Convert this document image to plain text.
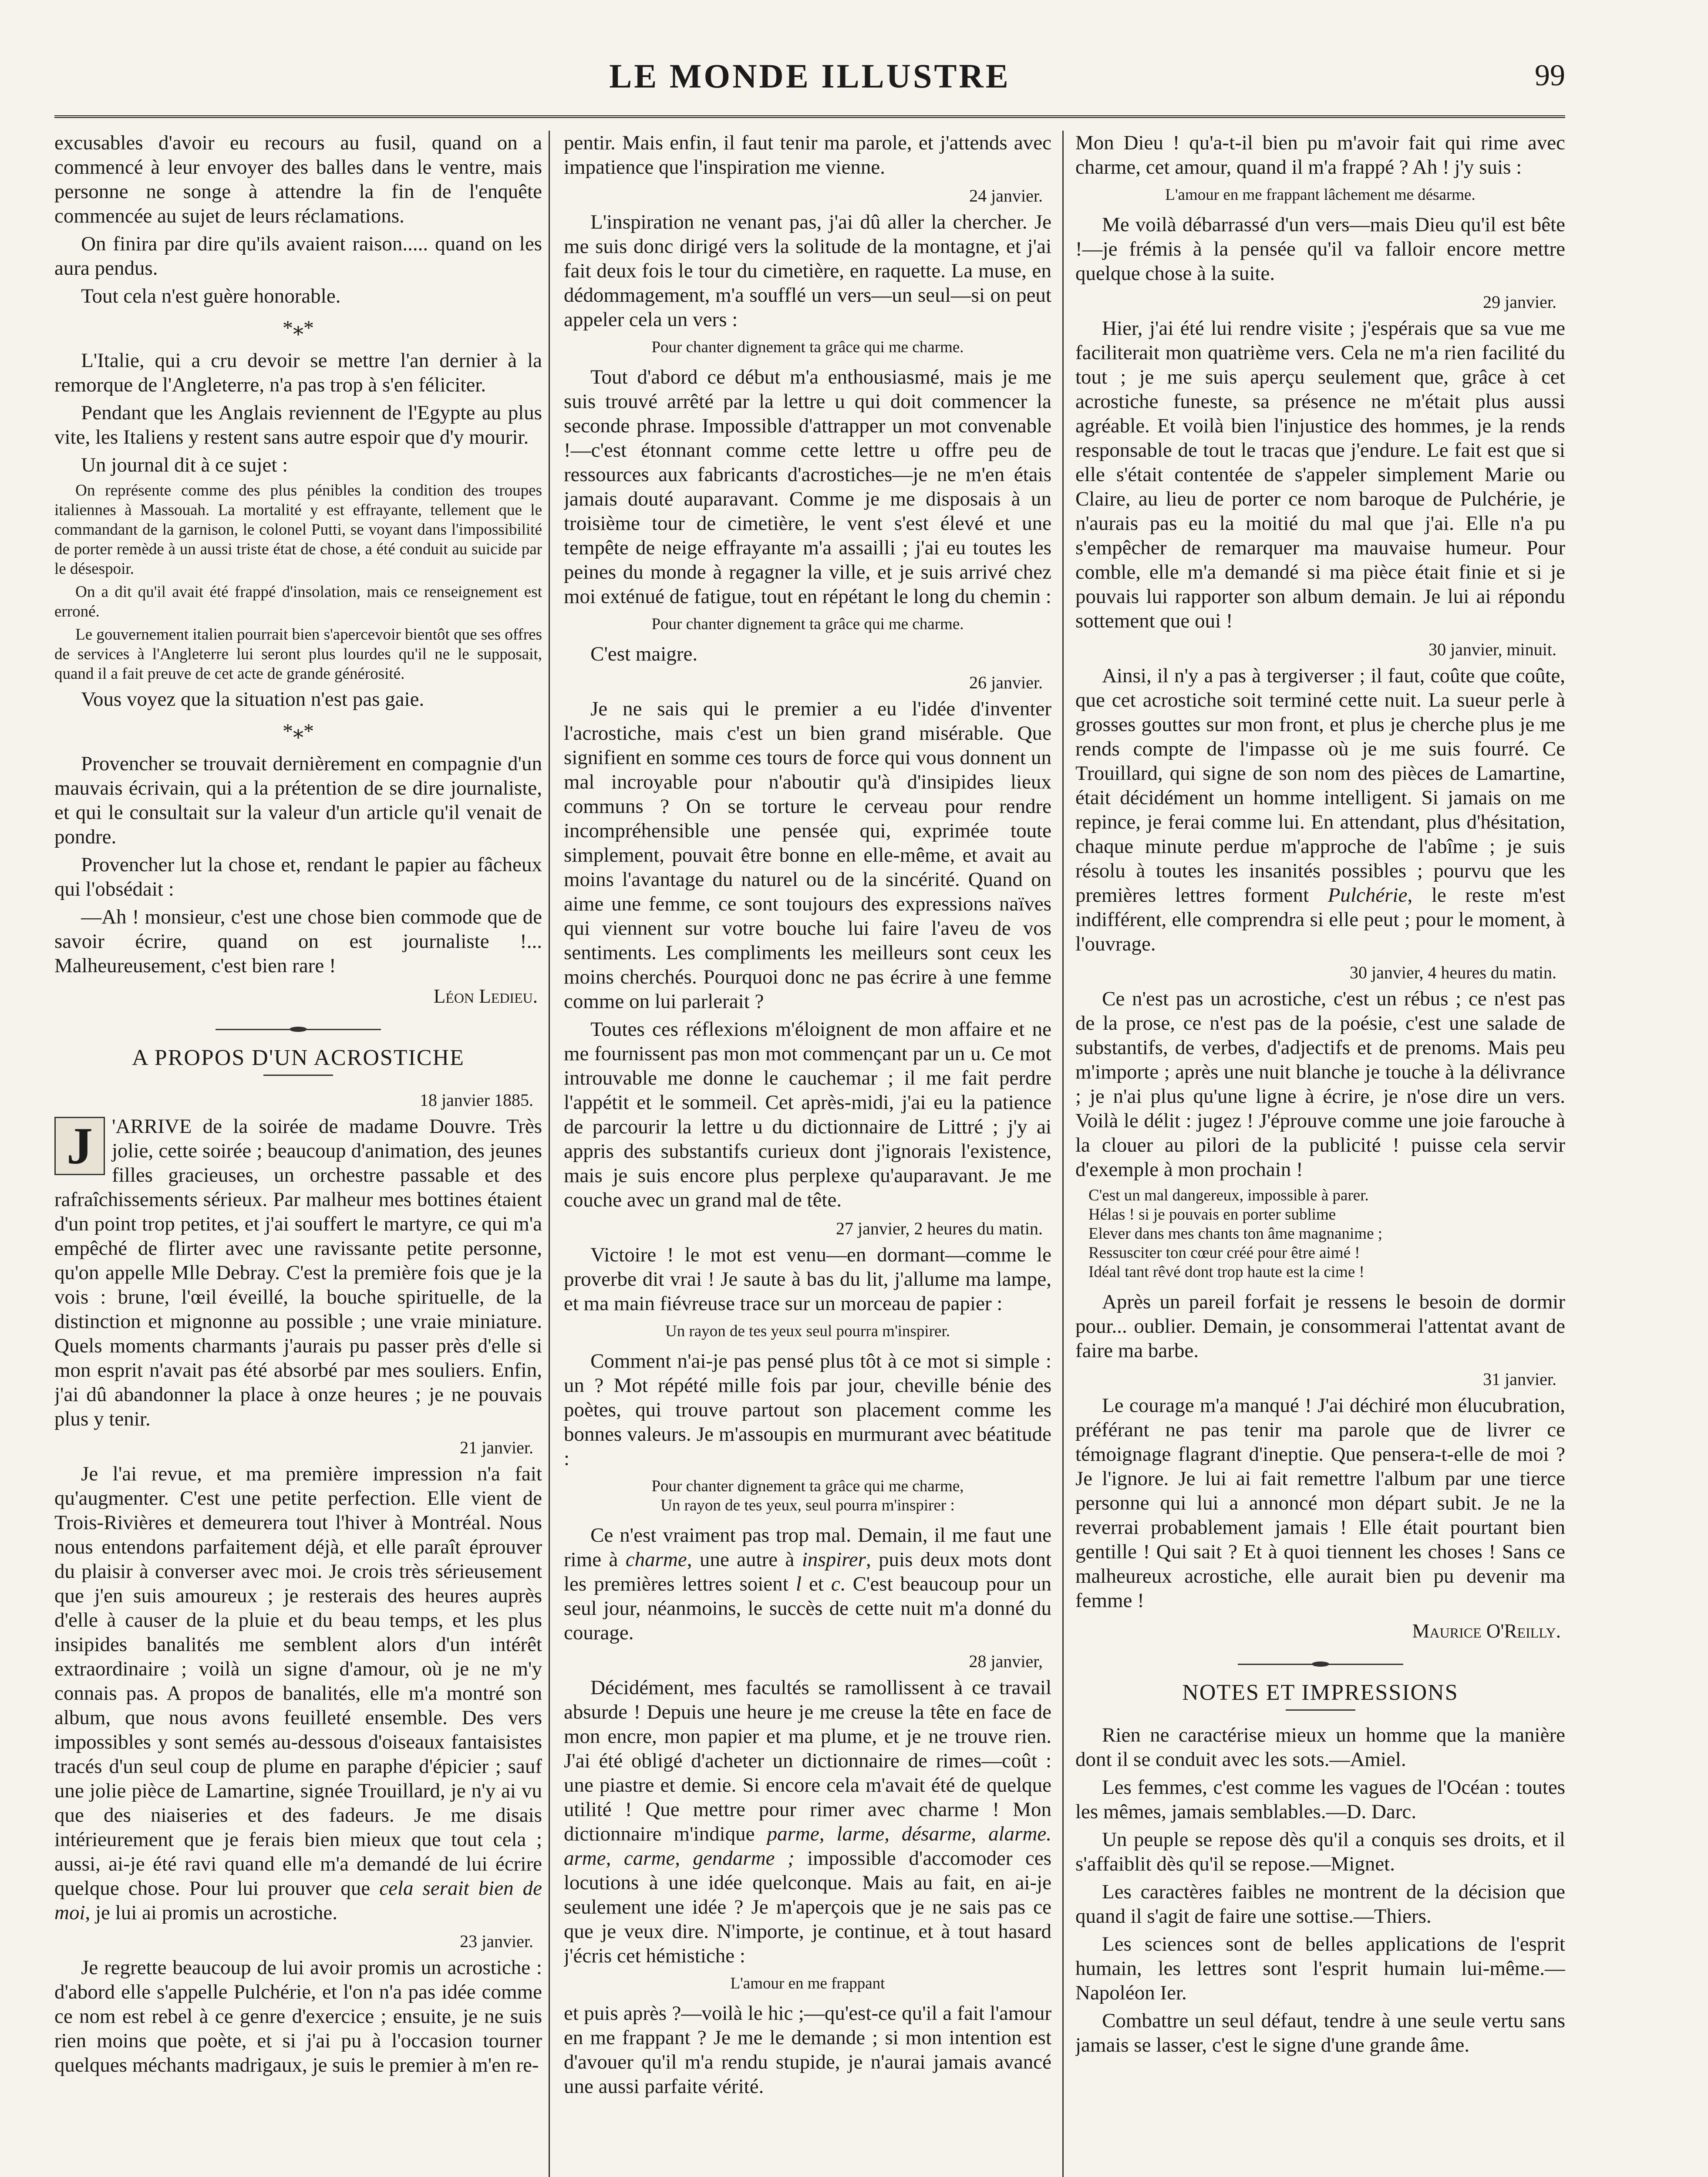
LE MONDE ILLUSTRE	99

excusables d'avoir eu recours au fusil, quand on a commencé à leur envoyer des balles dans le ventre, mais personne ne songe à attendre la fin de l'enquête commencée au sujet de leurs réclamations.

On finira par dire qu'ils avaient raison..... quand on les aura pendus.

Tout cela n'est guère honorable.

*⁎*

L'Italie, qui a cru devoir se mettre l'an dernier à la remorque de l'Angleterre, n'a pas trop à s'en féliciter.

Pendant que les Anglais reviennent de l'Egypte au plus vite, les Italiens y restent sans autre espoir que d'y mourir.

Un journal dit à ce sujet :

On représente comme des plus pénibles la condition des troupes italiennes à Massouah. La mortalité y est effrayante, tellement que le commandant de la garnison, le colonel Putti, se voyant dans l'impossibilité de porter remède à un aussi triste état de chose, a été conduit au suicide par le désespoir.

On a dit qu'il avait été frappé d'insolation, mais ce renseignement est erroné.

Le gouvernement italien pourrait bien s'apercevoir bientôt que ses offres de services à l'Angleterre lui seront plus lourdes qu'il ne le supposait, quand il a fait preuve de cet acte de grande générosité.

Vous voyez que la situation n'est pas gaie.

*⁎*

Provencher se trouvait dernièrement en compagnie d'un mauvais écrivain, qui a la prétention de se dire journaliste, et qui le consultait sur la valeur d'un article qu'il venait de pondre.

Provencher lut la chose et, rendant le papier au fâcheux qui l'obsédait :

—Ah ! monsieur, c'est une chose bien commode que de savoir écrire, quand on est journaliste !... Malheureusement, c'est bien rare !

Léon Ledieu.
A PROPOS D'UN ACROSTICHE
18 janvier 1885.
J 'ARRIVE de la soirée de madame Douvre. Très jolie, cette soirée ; beaucoup d'animation, des jeunes filles gracieuses, un orchestre passable et des rafraîchissements sérieux. Par malheur mes bottines étaient d'un point trop petites, et j'ai souffert le martyre, ce qui m'a empêché de flirter avec une ravissante petite personne, qu'on appelle Mlle Debray. C'est la première fois que je la vois : brune, l'œil éveillé, la bouche spirituelle, de la distinction et mignonne au possible ; une vraie miniature. Quels moments charmants j'aurais pu passer près d'elle si mon esprit n'avait pas été absorbé par mes souliers. Enfin, j'ai dû abandonner la place à onze heures ; je ne pouvais plus y tenir.

21 janvier.

Je l'ai revue, et ma première impression n'a fait qu'augmenter. C'est une petite perfection. Elle vient de Trois-Rivières et demeurera tout l'hiver à Montréal. Nous nous entendons parfaitement déjà, et elle paraît éprouver du plaisir à converser avec moi. Je crois très sérieusement que j'en suis amoureux ; je resterais des heures auprès d'elle à causer de la pluie et du beau temps, et les plus insipides banalités me semblent alors d'un intérêt extraordinaire ; voilà un signe d'amour, où je ne m'y connais pas. A propos de banalités, elle m'a montré son album, que nous avons feuilleté ensemble. Des vers impossibles y sont semés au-dessous d'oiseaux fantaisistes tracés d'un seul coup de plume en paraphe d'épicier ; sauf une jolie pièce de Lamartine, signée Trouillard, je n'y ai vu que des niaiseries et des fadeurs. Je me disais intérieurement que je ferais bien mieux que tout cela ; aussi, ai-je été ravi quand elle m'a demandé de lui écrire quelque chose. Pour lui prouver que cela serait bien de moi, je lui ai promis un acrostiche.

23 janvier.

Je regrette beaucoup de lui avoir promis un acrostiche : d'abord elle s'appelle Pulchérie, et l'on n'a pas idée comme ce nom est rebel à ce genre d'exercice ; ensuite, je ne suis rien moins que poète, et si j'ai pu à l'occasion tourner quelques méchants madrigaux, je suis le premier à m'en re-

pentir. Mais enfin, il faut tenir ma parole, et j'attends avec impatience que l'inspiration me vienne.

24 janvier.

L'inspiration ne venant pas, j'ai dû aller la chercher. Je me suis donc dirigé vers la solitude de la montagne, et j'ai fait deux fois le tour du cimetière, en raquette. La muse, en dédommagement, m'a soufflé un vers—un seul—si on peut appeler cela un vers :

Pour chanter dignement ta grâce qui me charme.

Tout d'abord ce début m'a enthousiasmé, mais je me suis trouvé arrêté par la lettre u qui doit commencer la seconde phrase. Impossible d'attrapper un mot convenable !—c'est étonnant comme cette lettre u offre peu de ressources aux fabricants d'acrostiches—je ne m'en étais jamais douté auparavant. Comme je me disposais à un troisième tour de cimetière, le vent s'est élevé et une tempête de neige effrayante m'a assailli ; j'ai eu toutes les peines du monde à regagner la ville, et je suis arrivé chez moi exténué de fatigue, tout en répétant le long du chemin :

Pour chanter dignement ta grâce qui me charme.

C'est maigre.

26 janvier.

Je ne sais qui le premier a eu l'idée d'inventer l'acrostiche, mais c'est un bien grand misérable. Que signifient en somme ces tours de force qui vous donnent un mal incroyable pour n'aboutir qu'à d'insipides lieux communs ? On se torture le cerveau pour rendre incompréhensible une pensée qui, exprimée toute simplement, pouvait être bonne en elle-même, et avait au moins l'avantage du naturel ou de la sincérité. Quand on aime une femme, ce sont toujours des expressions naïves qui viennent sur votre bouche lui faire l'aveu de vos sentiments. Les compliments les meilleurs sont ceux les moins cherchés. Pourquoi donc ne pas écrire à une femme comme on lui parlerait ?

Toutes ces réflexions m'éloignent de mon affaire et ne me fournissent pas mon mot commençant par un u. Ce mot introuvable me donne le cauchemar ; il me fait perdre l'appétit et le sommeil. Cet après-midi, j'ai eu la patience de parcourir la lettre u du dictionnaire de Littré ; j'y ai appris des substantifs curieux dont j'ignorais l'existence, mais je suis encore plus perplexe qu'auparavant. Je me couche avec un grand mal de tête.

27 janvier, 2 heures du matin.

Victoire ! le mot est venu—en dormant—comme le proverbe dit vrai ! Je saute à bas du lit, j'allume ma lampe, et ma main fiévreuse trace sur un morceau de papier :

Un rayon de tes yeux seul pourra m'inspirer.

Comment n'ai-je pas pensé plus tôt à ce mot si simple : un ? Mot répété mille fois par jour, cheville bénie des poètes, qui trouve partout son placement comme les bonnes valeurs. Je m'assoupis en murmurant avec béatitude :

Pour chanter dignement ta grâce qui me charme,
Un rayon de tes yeux, seul pourra m'inspirer :

Ce n'est vraiment pas trop mal. Demain, il me faut une rime à charme, une autre à inspirer, puis deux mots dont les premières lettres soient l et c. C'est beaucoup pour un seul jour, néanmoins, le succès de cette nuit m'a donné du courage.

28 janvier,

Décidément, mes facultés se ramollissent à ce travail absurde ! Depuis une heure je me creuse la tête en face de mon encre, mon papier et ma plume, et je ne trouve rien. J'ai été obligé d'acheter un dictionnaire de rimes—coût : une piastre et demie. Si encore cela m'avait été de quelque utilité ! Que mettre pour rimer avec charme ! Mon dictionnaire m'indique parme, larme, désarme, alarme. arme, carme, gendarme ; impossible d'accomoder ces locutions à une idée quelconque. Mais au fait, en ai-je seulement une idée ? Je m'aperçois que je ne sais pas ce que je veux dire. N'importe, je continue, et à tout hasard j'écris cet hémistiche :

L'amour en me frappant

et puis après ?—voilà le hic ;—qu'est-ce qu'il a fait l'amour en me frappant ? Je me le demande ; si mon intention est d'avouer qu'il m'a rendu stupide, je n'aurai jamais avancé une aussi parfaite vérité.

Mon Dieu ! qu'a-t-il bien pu m'avoir fait qui rime avec charme, cet amour, quand il m'a frappé ? Ah ! j'y suis :

L'amour en me frappant lâchement me désarme.

Me voilà débarrassé d'un vers—mais Dieu qu'il est bête !—je frémis à la pensée qu'il va falloir encore mettre quelque chose à la suite.

29 janvier.

Hier, j'ai été lui rendre visite ; j'espérais que sa vue me faciliterait mon quatrième vers. Cela ne m'a rien facilité du tout ; je me suis aperçu seulement que, grâce à cet acrostiche funeste, sa présence ne m'était plus aussi agréable. Et voilà bien l'injustice des hommes, je la rends responsable de tout le tracas que j'endure. Le fait est que si elle s'était contentée de s'appeler simplement Marie ou Claire, au lieu de porter ce nom baroque de Pulchérie, je n'aurais pas eu la moitié du mal que j'ai. Elle n'a pu s'empêcher de remarquer ma mauvaise humeur. Pour comble, elle m'a demandé si ma pièce était finie et si je pouvais lui rapporter son album demain. Je lui ai répondu sottement que oui !

30 janvier, minuit.

Ainsi, il n'y a pas à tergiverser ; il faut, coûte que coûte, que cet acrostiche soit terminé cette nuit. La sueur perle à grosses gouttes sur mon front, et plus je cherche plus je me rends compte de l'impasse où je me suis fourré. Ce Trouillard, qui signe de son nom des pièces de Lamartine, était décidément un homme intelligent. Si jamais on me repince, je ferai comme lui. En attendant, plus d'hésitation, chaque minute perdue m'approche de l'abîme ; je suis résolu à toutes les insanités possibles ; pourvu que les premières lettres forment Pulchérie, le reste m'est indifférent, elle comprendra si elle peut ; pour le moment, à l'ouvrage.

30 janvier, 4 heures du matin.

Ce n'est pas un acrostiche, c'est un rébus ; ce n'est pas de la prose, ce n'est pas de la poésie, c'est une salade de substantifs, de verbes, d'adjectifs et de prenoms. Mais peu m'importe ; après une nuit blanche je touche à la délivrance ; je n'ai plus qu'une ligne à écrire, je n'ose dire un vers. Voilà le délit : jugez ! J'éprouve comme une joie farouche à la clouer au pilori de la publicité ! puisse cela servir d'exemple à mon prochain !

C'est un mal dangereux, impossible à parer.
Hélas ! si je pouvais en porter sublime
Elever dans mes chants ton âme magnanime ;
Ressusciter ton cœur créé pour être aimé !
Idéal tant rêvé dont trop haute est la cime !

Après un pareil forfait je ressens le besoin de dormir pour... oublier. Demain, je consommerai l'attentat avant de faire ma barbe.

31 janvier.

Le courage m'a manqué ! J'ai déchiré mon élucubration, préférant ne pas tenir ma parole que de livrer ce témoignage flagrant d'ineptie. Que pensera-t-elle de moi ? Je l'ignore. Je lui ai fait remettre l'album par une tierce personne qui lui a annoncé mon départ subit. Je ne la reverrai probablement jamais ! Elle était pourtant bien gentille ! Qui sait ? Et à quoi tiennent les choses ! Sans ce malheureux acrostiche, elle aurait bien pu devenir ma femme !

Maurice O'Reilly.
NOTES ET IMPRESSIONS

Rien ne caractérise mieux un homme que la manière dont il se conduit avec les sots.—Amiel.

Les femmes, c'est comme les vagues de l'Océan : toutes les mêmes, jamais semblables.—D. Darc.

Un peuple se repose dès qu'il a conquis ses droits, et il s'affaiblit dès qu'il se repose.—Mignet.

Les caractères faibles ne montrent de la décision que quand il s'agit de faire une sottise.—Thiers.

Les sciences sont de belles applications de l'esprit humain, les lettres sont l'esprit humain lui-même.—Napoléon Ier.

Combattre un seul défaut, tendre à une seule vertu sans jamais se lasser, c'est le signe d'une grande âme.
